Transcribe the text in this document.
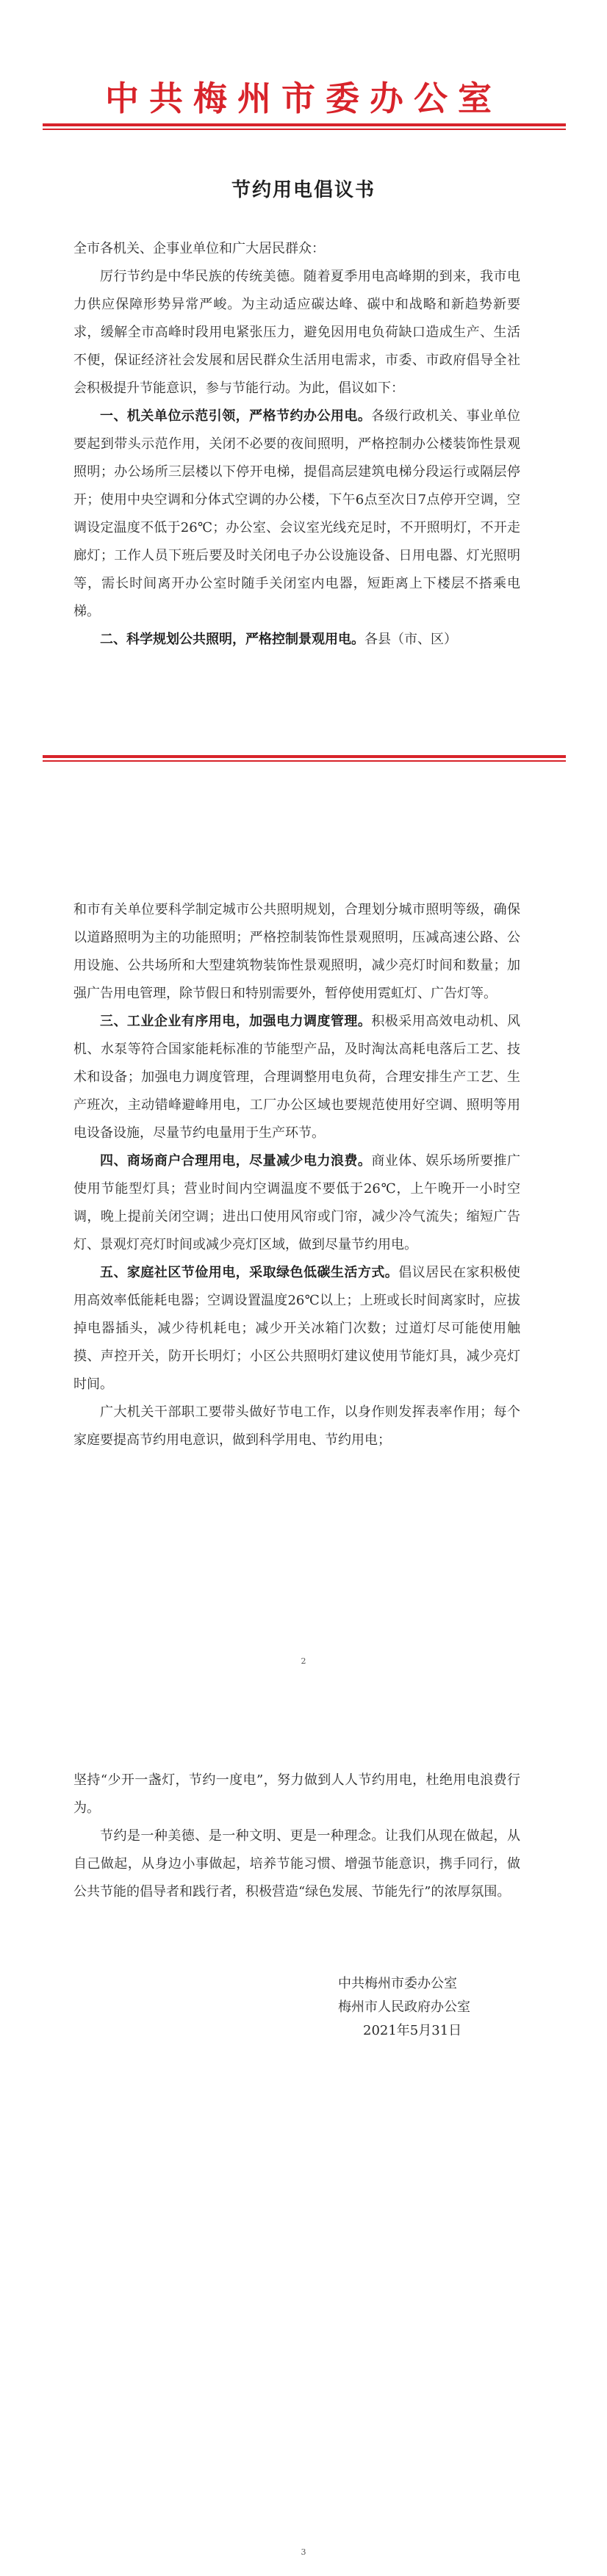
中共梅州市委办公室
节约用电倡议书

全市各机关、企事业单位和广大居民群众：

厉行节约是中华民族的传统美德。随着夏季用电高峰期的到来，我市电力供应保障形势异常严峻。为主动适应碳达峰、碳中和战略和新趋势新要求，缓解全市高峰时段用电紧张压力，避免因用电负荷缺口造成生产、生活不便，保证经济社会发展和居民群众生活用电需求，市委、市政府倡导全社会积极提升节能意识，参与节能行动。为此，倡议如下：

一、机关单位示范引领，严格节约办公用电。各级行政机关、事业单位要起到带头示范作用，关闭不必要的夜间照明，严格控制办公楼装饰性景观照明；办公场所三层楼以下停开电梯，提倡高层建筑电梯分段运行或隔层停开；使用中央空调和分体式空调的办公楼，下午6点至次日7点停开空调，空调设定温度不低于26℃；办公室、会议室光线充足时，不开照明灯，不开走廊灯；工作人员下班后要及时关闭电子办公设施设备、日用电器、灯光照明等，需长时间离开办公室时随手关闭室内电器，短距离上下楼层不搭乘电梯。

二、科学规划公共照明，严格控制景观用电。各县（市、区）

和市有关单位要科学制定城市公共照明规划，合理划分城市照明等级，确保以道路照明为主的功能照明；严格控制装饰性景观照明，压减高速公路、公用设施、公共场所和大型建筑物装饰性景观照明，减少亮灯时间和数量；加强广告用电管理，除节假日和特别需要外，暂停使用霓虹灯、广告灯等。

三、工业企业有序用电，加强电力调度管理。积极采用高效电动机、风机、水泵等符合国家能耗标准的节能型产品，及时淘汰高耗电落后工艺、技术和设备；加强电力调度管理，合理调整用电负荷，合理安排生产工艺、生产班次，主动错峰避峰用电，工厂办公区域也要规范使用好空调、照明等用电设备设施，尽量节约电量用于生产环节。

四、商场商户合理用电，尽量减少电力浪费。商业体、娱乐场所要推广使用节能型灯具；营业时间内空调温度不要低于26℃，上午晚开一小时空调，晚上提前关闭空调；进出口使用风帘或门帘，减少冷气流失；缩短广告灯、景观灯亮灯时间或减少亮灯区域，做到尽量节约用电。

五、家庭社区节俭用电，采取绿色低碳生活方式。倡议居民在家积极使用高效率低能耗电器；空调设置温度26℃以上；上班或长时间离家时，应拔掉电器插头，减少待机耗电；减少开关冰箱门次数；过道灯尽可能使用触摸、声控开关，防开长明灯；小区公共照明灯建议使用节能灯具，减少亮灯时间。

广大机关干部职工要带头做好节电工作，以身作则发挥表率作用；每个家庭要提高节约用电意识，做到科学用电、节约用电；

2

坚持“少开一盏灯，节约一度电”，努力做到人人节约用电，杜绝用电浪费行为。

节约是一种美德、是一种文明、更是一种理念。让我们从现在做起，从自己做起，从身边小事做起，培养节能习惯、增强节能意识，携手同行，做公共节能的倡导者和践行者，积极营造“绿色发展、节能先行”的浓厚氛围。

中共梅州市委办公室
梅州市人民政府办公室
2021年5月31日
3
